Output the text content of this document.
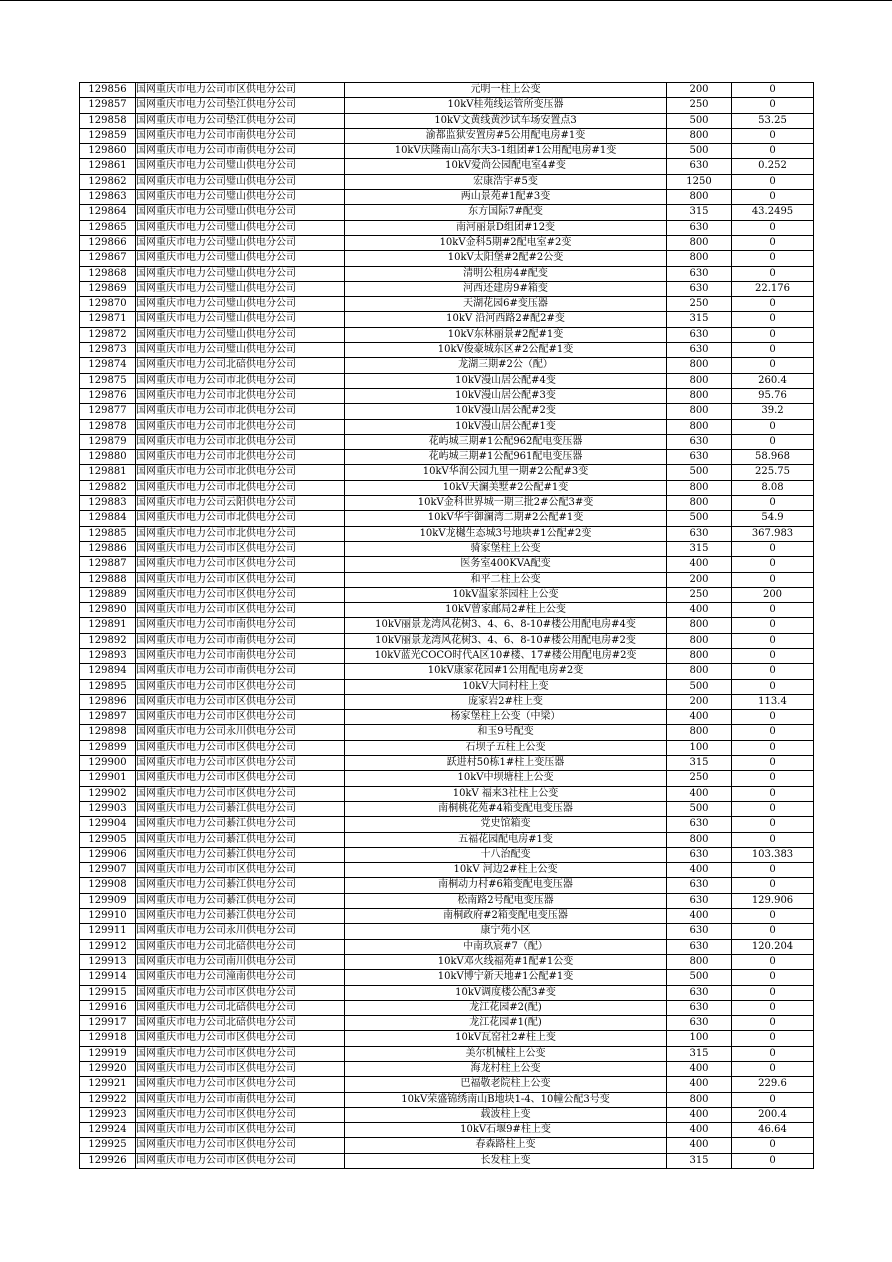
129856	国网重庆市电力公司市区供电分公司	元明一柱上公变	200	0
129857	国网重庆市电力公司垫江供电分公司	10kV桂苑线运管所变压器	250	0
129858	国网重庆市电力公司垫江供电分公司	10kV文黄线黄沙试车场安置点3	500	53.25
129859	国网重庆市电力公司市南供电分公司	渝都监狱安置房#5公用配电房#1变	800	0
129860	国网重庆市电力公司市南供电分公司	10kV庆隆南山高尔夫3-1组团#1公用配电房#1变	500	0
129861	国网重庆市电力公司璧山供电分公司	10kV爱尚公园配电室4#变	630	0.252
129862	国网重庆市电力公司璧山供电分公司	宏康浩宇#5变	1250	0
129863	国网重庆市电力公司璧山供电分公司	两山景苑#1配#3变	800	0
129864	国网重庆市电力公司璧山供电分公司	东方国际7#配变	315	43.2495
129865	国网重庆市电力公司璧山供电分公司	南河丽景D组团#12变	630	0
129866	国网重庆市电力公司璧山供电分公司	10kV金科5期#2配电室#2变	800	0
129867	国网重庆市电力公司璧山供电分公司	10kV太阳堡#2配#2公变	800	0
129868	国网重庆市电力公司璧山供电分公司	清明公租房4#配变	630	0
129869	国网重庆市电力公司璧山供电分公司	河西还建房9#箱变	630	22.176
129870	国网重庆市电力公司璧山供电分公司	天湖花园6#变压器	250	0
129871	国网重庆市电力公司璧山供电分公司	10kV 沿河西路2#配2#变	315	0
129872	国网重庆市电力公司璧山供电分公司	10kV东林丽景#2配#1变	630	0
129873	国网重庆市电力公司璧山供电分公司	10kV俊豪城东区#2公配#1变	630	0
129874	国网重庆市电力公司北碚供电分公司	龙湖三期#2公（配）	800	0
129875	国网重庆市电力公司市北供电分公司	10kV漫山居公配#4变	800	260.4
129876	国网重庆市电力公司市北供电分公司	10kV漫山居公配#3变	800	95.76
129877	国网重庆市电力公司市北供电分公司	10kV漫山居公配#2变	800	39.2
129878	国网重庆市电力公司市北供电分公司	10kV漫山居公配#1变	800	0
129879	国网重庆市电力公司市北供电分公司	花屿城三期#1公配962配电变压器	630	0
129880	国网重庆市电力公司市北供电分公司	花屿城三期#1公配961配电变压器	630	58.968
129881	国网重庆市电力公司市北供电分公司	10kV华润公园九里一期#2公配#3变	500	225.75
129882	国网重庆市电力公司市北供电分公司	10kV天澜美墅#2公配#1变	800	8.08
129883	国网重庆市电力公司云阳供电分公司	10kV金科世界城一期三批2#公配3#变	800	0
129884	国网重庆市电力公司市北供电分公司	10kV华宇御澜湾二期#2公配#1变	500	54.9
129885	国网重庆市电力公司市北供电分公司	10kV龙樾生态城3号地块#1公配#2变	630	367.983
129886	国网重庆市电力公司市区供电分公司	骑家堡柱上公变	315	0
129887	国网重庆市电力公司市区供电分公司	医务室400KVA配变	400	0
129888	国网重庆市电力公司市区供电分公司	和平二柱上公变	200	0
129889	国网重庆市电力公司市区供电分公司	10kV温家茶园柱上公变	250	200
129890	国网重庆市电力公司市区供电分公司	10kV曾家邮局2#柱上公变	400	0
129891	国网重庆市电力公司市南供电分公司	10kV丽景龙湾风花树3、4、6、8-10#楼公用配电房#4变	800	0
129892	国网重庆市电力公司市南供电分公司	10kV丽景龙湾风花树3、4、6、8-10#楼公用配电房#2变	800	0
129893	国网重庆市电力公司市南供电分公司	10kV蓝光COCO时代A区10#楼、17#楼公用配电房#2变	800	0
129894	国网重庆市电力公司市南供电分公司	10kV康家花园#1公用配电房#2变	800	0
129895	国网重庆市电力公司市区供电分公司	10kV大同村柱上变	500	0
129896	国网重庆市电力公司市区供电分公司	庞家岩2#柱上变	200	113.4
129897	国网重庆市电力公司市区供电分公司	杨家堡柱上公变（中梁）	400	0
129898	国网重庆市电力公司永川供电分公司	和玉9号配变	800	0
129899	国网重庆市电力公司市区供电分公司	石坝子五柱上公变	100	0
129900	国网重庆市电力公司市区供电分公司	跃进村50栋1#柱上变压器	315	0
129901	国网重庆市电力公司市区供电分公司	10kV中坝塘柱上公变	250	0
129902	国网重庆市电力公司市区供电分公司	10kV 福来3社柱上公变	400	0
129903	国网重庆市电力公司綦江供电分公司	南桐桃花苑#4箱变配电变压器	500	0
129904	国网重庆市电力公司綦江供电分公司	党史馆箱变	630	0
129905	国网重庆市电力公司綦江供电分公司	五福花园配电房#1变	800	0
129906	国网重庆市电力公司綦江供电分公司	十八治配变	630	103.383
129907	国网重庆市电力公司市区供电分公司	10kV 河边2#柱上公变	400	0
129908	国网重庆市电力公司綦江供电分公司	南桐动力村#6箱变配电变压器	630	0
129909	国网重庆市电力公司綦江供电分公司	松南路2号配电变压器	630	129.906
129910	国网重庆市电力公司綦江供电分公司	南桐政府#2箱变配电变压器	400	0
129911	国网重庆市电力公司永川供电分公司	康宁苑小区	630	0
129912	国网重庆市电力公司北碚供电分公司	中南玖宸#7（配）	630	120.204
129913	国网重庆市电力公司南川供电分公司	10kV邓火线福苑#1配#1公变	800	0
129914	国网重庆市电力公司潼南供电分公司	10kV博宁新天地#1公配#1变	500	0
129915	国网重庆市电力公司市区供电分公司	10kV调度楼公配3#变	630	0
129916	国网重庆市电力公司北碚供电分公司	龙江花园#2(配)	630	0
129917	国网重庆市电力公司北碚供电分公司	龙江花园#1(配)	630	0
129918	国网重庆市电力公司市区供电分公司	10kV瓦窑社2#柱上变	100	0
129919	国网重庆市电力公司市区供电分公司	美尔机械柱上公变	315	0
129920	国网重庆市电力公司市区供电分公司	海龙村柱上公变	400	0
129921	国网重庆市电力公司市区供电分公司	巴福敬老院柱上公变	400	229.6
129922	国网重庆市电力公司市南供电分公司	10kV荣盛锦绣南山B地块1-4、10幢公配3号变	800	0
129923	国网重庆市电力公司市区供电分公司	载波柱上变	400	200.4
129924	国网重庆市电力公司市区供电分公司	10kV石堰9#柱上变	400	46.64
129925	国网重庆市电力公司市区供电分公司	春森路柱上变	400	0
129926	国网重庆市电力公司市区供电分公司	长发柱上变	315	0
